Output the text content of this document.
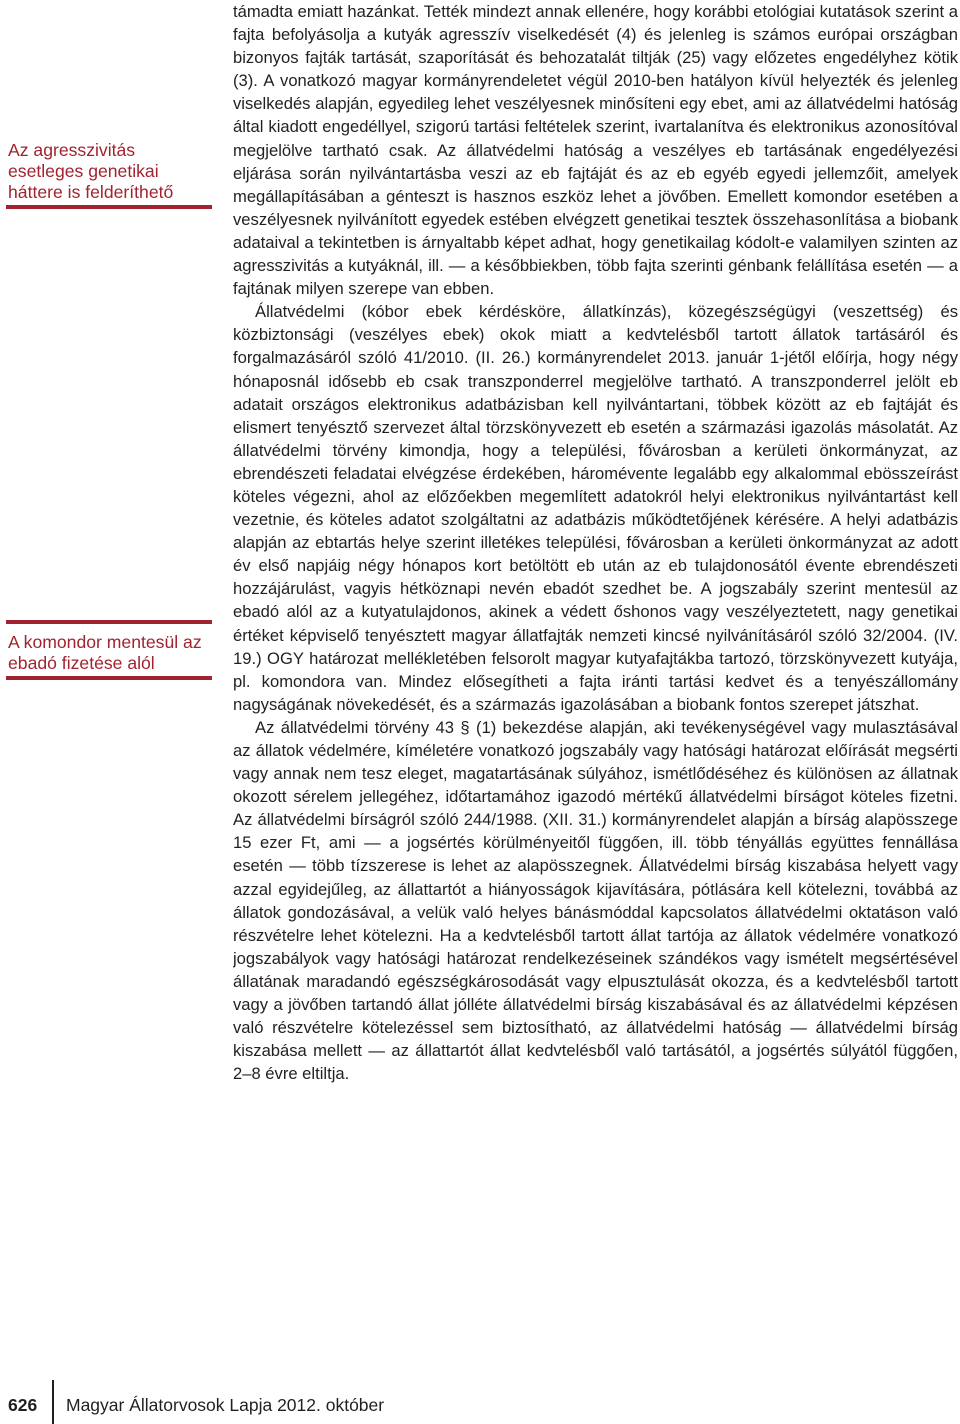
Az agresszivitás esetleges genetikai háttere is felderíthető

A komondor mentesül az ebadó fizetése alól

támadta emiatt hazánkat. Tették mindezt annak ellenére, hogy korábbi etológiai kutatások szerint a fajta befolyásolja a kutyák agresszív viselkedését (4) és jelenleg is számos európai országban bizonyos fajták tartását, szaporítását és behozatalát tiltják (25) vagy előzetes engedélyhez kötik (3). A vonatkozó magyar kormányrendeletet végül 2010-ben hatályon kívül helyezték és jelenleg viselkedés alapján, egyedileg lehet veszélyesnek minősíteni egy ebet, ami az állatvédelmi hatóság által kiadott engedéllyel, szigorú tartási feltételek szerint, ivartalanítva és elektronikus azonosítóval megjelölve tartható csak. Az állatvédelmi hatóság a veszélyes eb tartásának engedélyezési eljárása során nyilvántartásba veszi az eb fajtáját és az eb egyéb egyedi jellemzőit, amelyek megállapításában a génteszt is hasznos eszköz lehet a jövőben. Emellett komondor esetében a veszélyesnek nyilvánított egyedek estében elvégzett genetikai tesztek összehasonlítása a biobank adataival a tekintetben is árnyaltabb képet adhat, hogy genetikailag kódolt-e valamilyen szinten az agresszivitás a kutyáknál, ill. — a későbbiekben, több fajta szerinti génbank felállítása esetén — a fajtának milyen szerepe van ebben.

Állatvédelmi (kóbor ebek kérdésköre, állatkínzás), közegészségügyi (veszettség) és közbiztonsági (veszélyes ebek) okok miatt a kedvtelésből tartott állatok tartásáról és forgalmazásáról szóló 41/2010. (II. 26.) kormányrendelet 2013. január 1-jétől előírja, hogy négy hónaposnál idősebb eb csak transzponderrel megjelölve tartható. A transzponderrel jelölt eb adatait országos elektronikus adatbázisban kell nyilvántartani, többek között az eb fajtáját és elismert tenyésztő szervezet által törzskönyvezett eb esetén a származási igazolás másolatát. Az állatvédelmi törvény kimondja, hogy a települési, fővárosban a kerületi önkormányzat, az ebrendészeti feladatai elvégzése érdekében, háromévente legalább egy alkalommal ebösszeírást köteles végezni, ahol az előzőekben megemlített adatokról helyi elektronikus nyilvántartást kell vezetnie, és köteles adatot szolgáltatni az adatbázis működtetőjének kérésére. A helyi adatbázis alapján az ebtartás helye szerint illetékes települési, fővárosban a kerületi önkormányzat az adott év első napjáig négy hónapos kort betöltött eb után az eb tulajdonosától évente ebrendészeti hozzájárulást, vagyis hétköznapi nevén ebadót szedhet be. A jogszabály szerint mentesül az ebadó alól az a kutyatulajdonos, akinek a védett őshonos vagy veszélyeztetett, nagy genetikai értéket képviselő tenyésztett magyar állatfajták nemzeti kincsé nyilvánításáról szóló 32/2004. (IV. 19.) OGY határozat mellékletében felsorolt magyar kutyafajtákba tartozó, törzskönyvezett kutyája, pl. komondora van. Mindez elősegítheti a fajta iránti tartási kedvet és a tenyészállomány nagyságának növekedését, és a származás igazolásában a biobank fontos szerepet játszhat.

Az állatvédelmi törvény 43 § (1) bekezdése alapján, aki tevékenységével vagy mulasztásával az állatok védelmére, kíméletére vonatkozó jogszabály vagy hatósági határozat előírását megsérti vagy annak nem tesz eleget, magatartásának súlyához, ismétlődéséhez és különösen az állatnak okozott sérelem jellegéhez, időtartamához igazodó mértékű állatvédelmi bírságot köteles fizetni. Az állatvédelmi bírságról szóló 244/1988. (XII. 31.) kormányrendelet alapján a bírság alapösszege 15 ezer Ft, ami — a jogsértés körülményeitől függően, ill. több tényállás együttes fennállása esetén — több tízszerese is lehet az alapösszegnek. Állatvédelmi bírság kiszabása helyett vagy azzal egyidejűleg, az állattartót a hiányosságok kijavítására, pótlására kell kötelezni, továbbá az állatok gondozásával, a velük való helyes bánásmóddal kapcsolatos állatvédelmi oktatáson való részvételre lehet kötelezni. Ha a kedvtelésből tartott állat tartója az állatok védelmére vonatkozó jogszabályok vagy hatósági határozat rendelkezéseinek szándékos vagy ismételt megsértésével állatának maradandó egészségkárosodását vagy elpusztulását okozza, és a kedvtelésből tartott vagy a jövőben tartandó állat jólléte állatvédelmi bírság kiszabásával és az állatvédelmi képzésen való részvételre kötelezéssel sem biztosítható, az állatvédelmi hatóság — állatvédelmi bírság kiszabása mellett — az állattartót állat kedvtelésből való tartásától, a jogsértés súlyától függően, 2–8 évre eltiltja.

626 Magyar Állatorvosok Lapja 2012. október
